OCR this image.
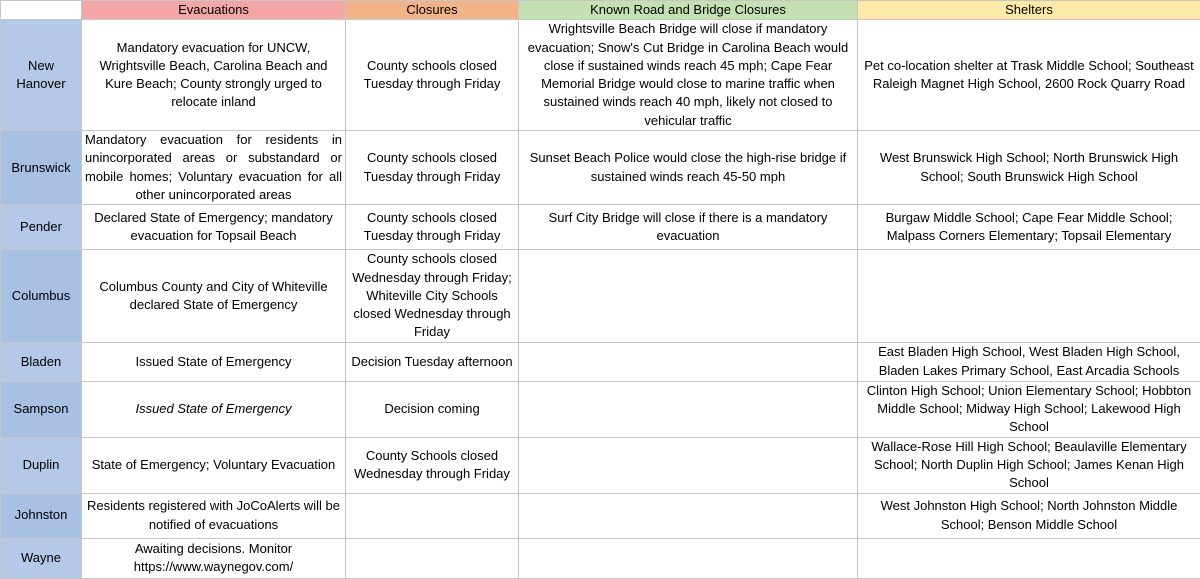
	Evacuations	Closures	Known Road and Bridge Closures	Shelters
New Hanover	Mandatory evacuation for UNCW, Wrightsville Beach, Carolina Beach and Kure Beach; County strongly urged to relocate inland	County schools closed Tuesday through Friday	Wrightsville Beach Bridge will close if mandatory evacuation; Snow's Cut Bridge in Carolina Beach would close if sustained winds reach 45 mph; Cape Fear Memorial Bridge would close to marine traffic when sustained winds reach 40 mph, likely not closed to vehicular traffic	Pet co-location shelter at Trask Middle School; Southeast Raleigh Magnet High School, 2600 Rock Quarry Road
Brunswick	Mandatory evacuation for residents in unincorporated areas or substandard or mobile homes; Voluntary evacuation for all other unincorporated areas	County schools closed Tuesday through Friday	Sunset Beach Police would close the high-rise bridge if sustained winds reach 45-50 mph	West Brunswick High School; North Brunswick High School; South Brunswick High School
Pender	Declared State of Emergency; mandatory evacuation for Topsail Beach	County schools closed Tuesday through Friday	Surf City Bridge will close if there is a mandatory evacuation	Burgaw Middle School; Cape Fear Middle School; Malpass Corners Elementary; Topsail Elementary
Columbus	Columbus County and City of Whiteville declared State of Emergency	County schools closed Wednesday through Friday; Whiteville City Schools closed Wednesday through Friday		
Bladen	Issued State of Emergency	Decision Tuesday afternoon		East Bladen High School, West Bladen High School, Bladen Lakes Primary School, East Arcadia Schools
Sampson	Issued State of Emergency	Decision coming		Clinton High School; Union Elementary School; Hobbton Middle School; Midway High School; Lakewood High School
Duplin	State of Emergency; Voluntary Evacuation	County Schools closed Wednesday through Friday		Wallace-Rose Hill High School; Beaulaville Elementary School; North Duplin High School; James Kenan High School
Johnston	Residents registered with JoCoAlerts will be notified of evacuations			West Johnston High School; North Johnston Middle School; Benson Middle School
Wayne	Awaiting decisions. Monitor https://www.waynegov.com/			
